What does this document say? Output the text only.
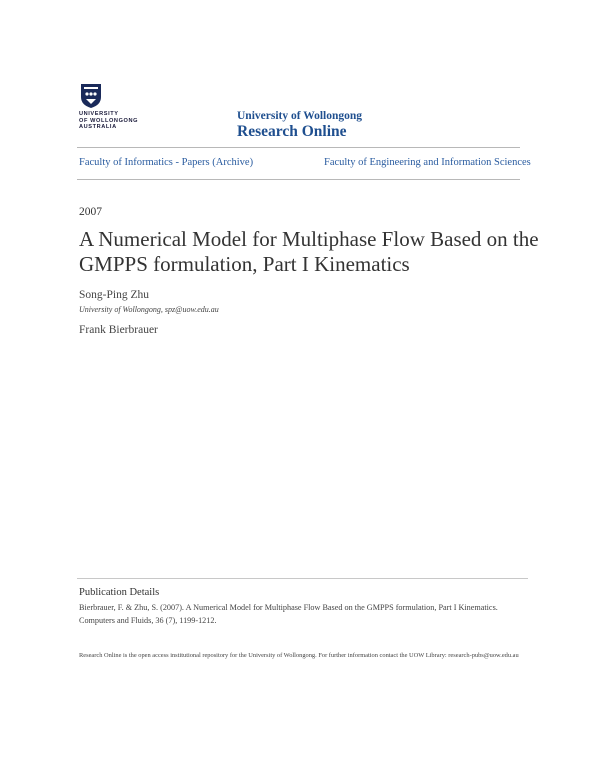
UNIVERSITY
OF WOLLONGONG
AUSTRALIA
University of Wollongong
Research Online
Faculty of Informatics - Papers (Archive)	Faculty of Engineering and Information Sciences
2007
A Numerical Model for Multiphase Flow Based on the GMPPS formulation, Part I Kinematics
Song-Ping Zhu
University of Wollongong, spz@uow.edu.au
Frank Bierbrauer
Publication Details
Bierbrauer, F. & Zhu, S. (2007). A Numerical Model for Multiphase Flow Based on the GMPPS formulation, Part I Kinematics. Computers and Fluids, 36 (7), 1199-1212.
Research Online is the open access institutional repository for the University of Wollongong. For further information contact the UOW Library: research-pubs@uow.edu.au
